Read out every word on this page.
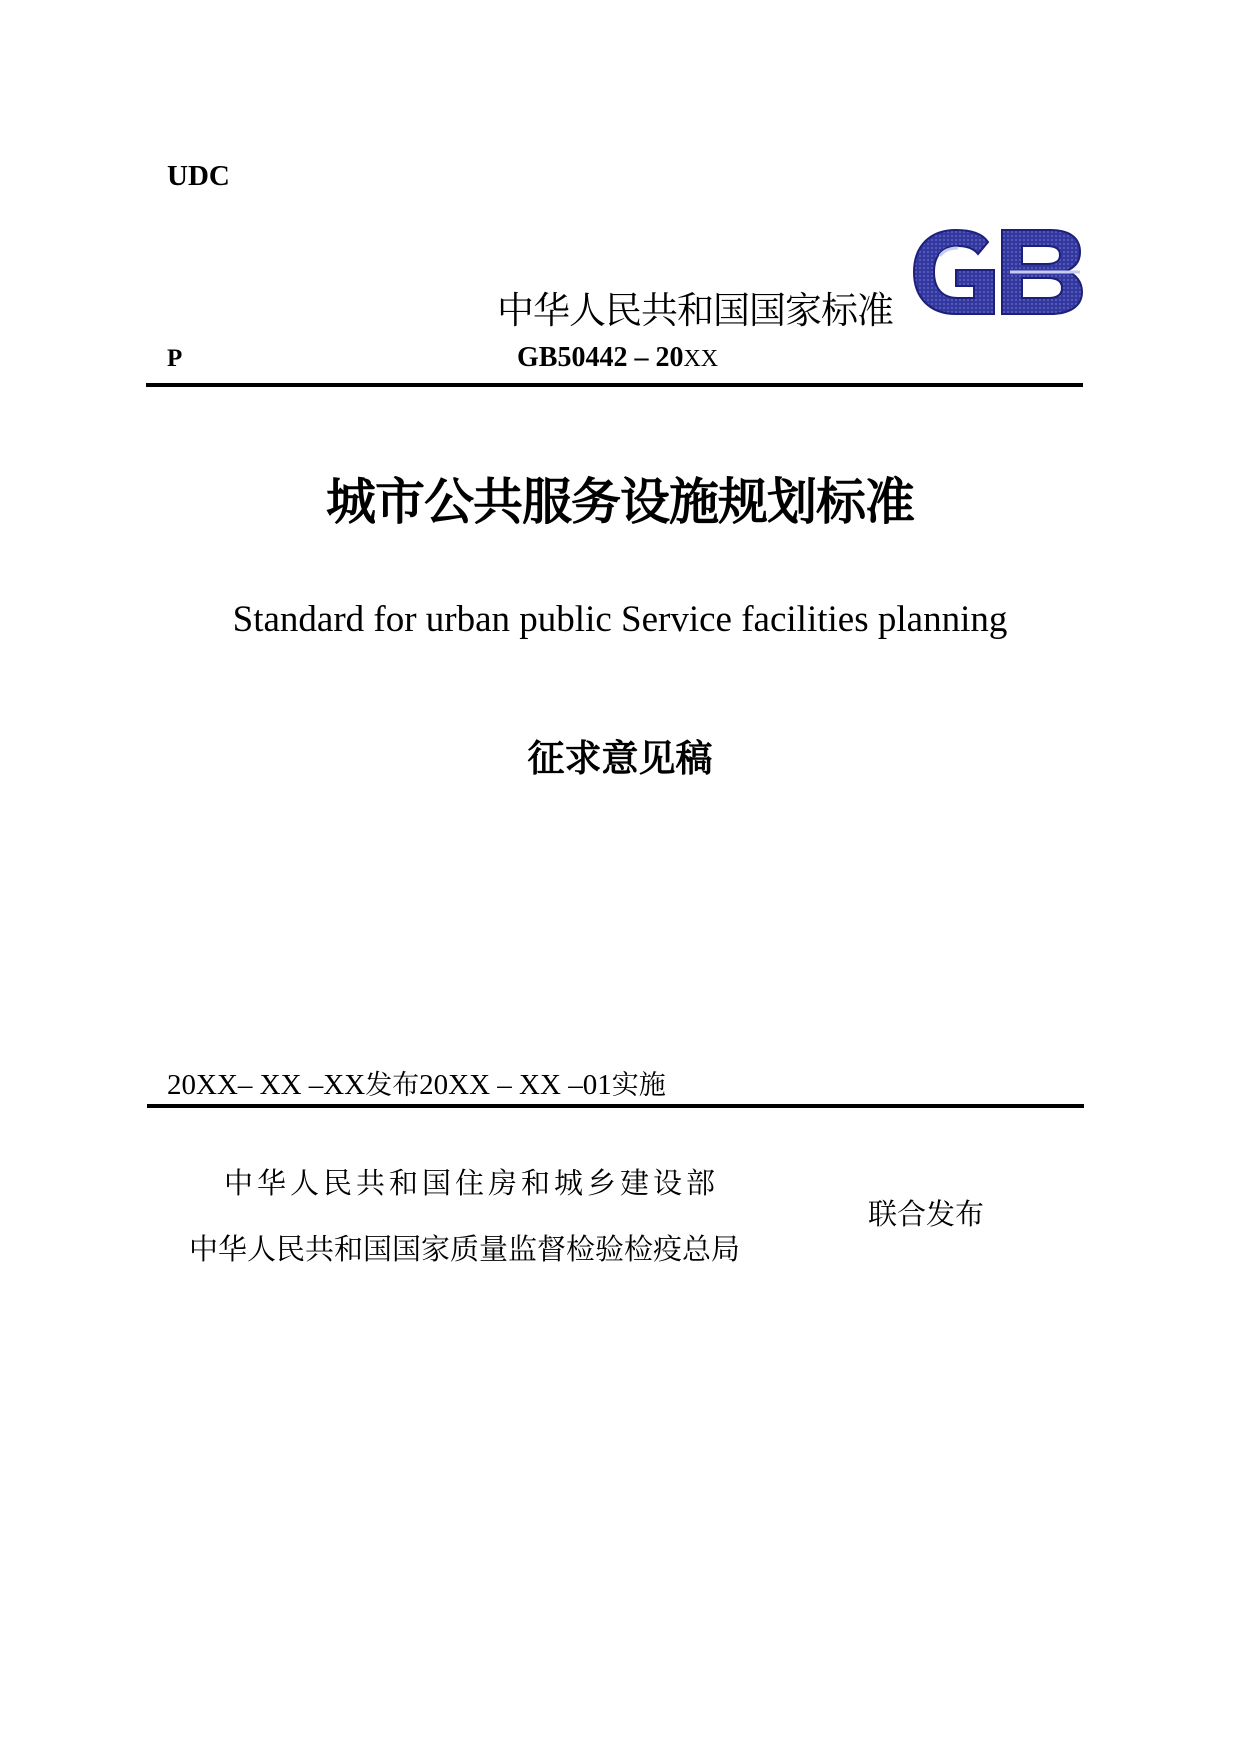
UDC
中华人民共和国国家标准
P	GB50442 – 20XX
城市公共服务设施规划标准
Standard for urban public Service facilities planning
征求意见稿
20XX– XX –XX发布20XX – XX –01实施
中华人民共和国住房和城乡建设部
中华人民共和国国家质量监督检验检疫总局
联合发布
